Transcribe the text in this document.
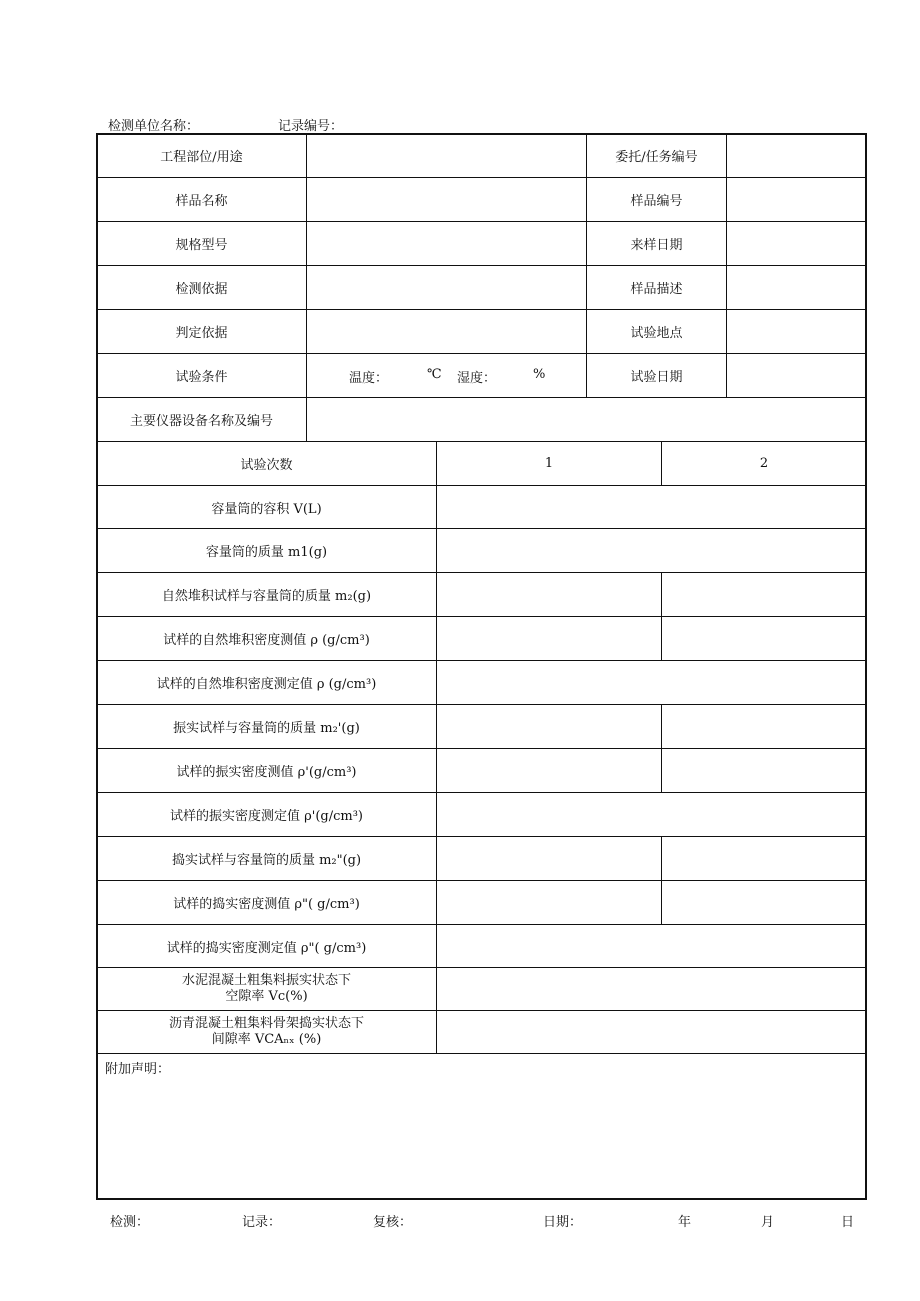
检测单位名称：	记录编号：
工程部位/用途	委托/任务编号
样品名称	样品编号
规格型号	来样日期
检测依据	样品描述
判定依据	试验地点
试验条件	温度：	℃ 湿度：	%	试验日期
主要仪器设备名称及编号
试验次数	1	2
容量筒的容积 V(L)
容量筒的质量 m1(g)
自然堆积试样与容量筒的质量 m₂(g)
试样的自然堆积密度测值 ρ (g/cm³)
试样的自然堆积密度测定值 ρ (g/cm³)
振实试样与容量筒的质量 m₂'(g)
试样的振实密度测值 ρ'(g/cm³)
试样的振实密度测定值 ρ'(g/cm³)
捣实试样与容量筒的质量 m₂"(g)
试样的捣实密度测值 ρ"( g/cm³)
试样的捣实密度测定值 ρ"( g/cm³)
水泥混凝土粗集料振实状态下
空隙率 Vc(%)
沥青混凝土粗集料骨架捣实状态下
间隙率 VCAₙₓ (%)
附加声明：
检测：	记录：	复核：	日期：	年	月	日
